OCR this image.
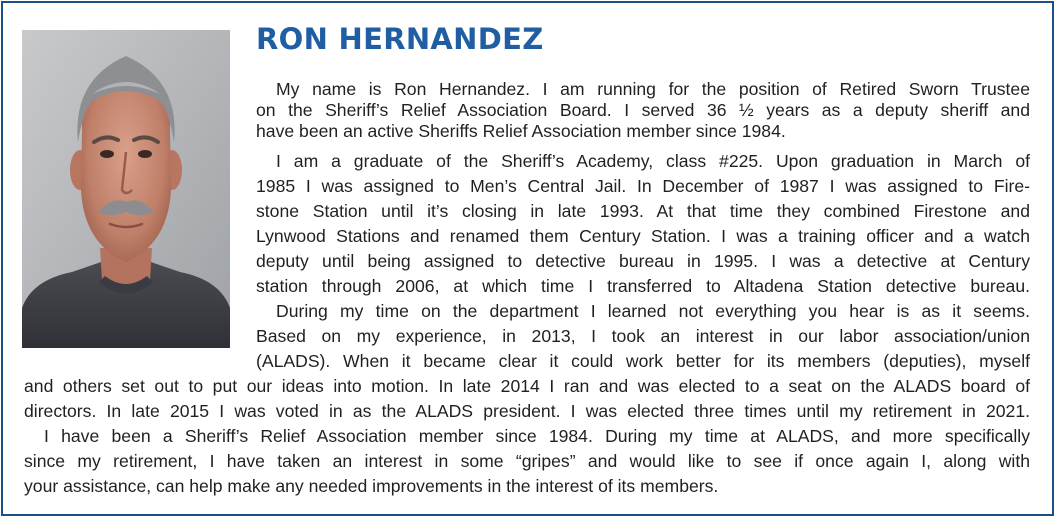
RON HERNANDEZ
My name is Ron Hernandez. I am running for the position of Retired Sworn Trustee
on the Sheriff’s Relief Association Board. I served 36 ½ years as a deputy sheriff and
have been an active Sheriffs Relief Association member since 1984.
I am a graduate of the Sheriff’s Academy, class #225. Upon graduation in March of
1985 I was assigned to Men’s Central Jail. In December of 1987 I was assigned to Fire-
stone Station until it’s closing in late 1993. At that time they combined Firestone and
Lynwood Stations and renamed them Century Station. I was a training officer and a watch
deputy until being assigned to detective bureau in 1995. I was a detective at Century
station through 2006, at which time I transferred to Altadena Station detective bureau.
During my time on the department I learned not everything you hear is as it seems.
Based on my experience, in 2013, I took an interest in our labor association/union
(ALADS). When it became clear it could work better for its members (deputies), myself
and others set out to put our ideas into motion. In late 2014 I ran and was elected to a seat on the ALADS board of
directors. In late 2015 I was voted in as the ALADS president. I was elected three times until my retirement in 2021.
I have been a Sheriff’s Relief Association member since 1984. During my time at ALADS, and more specifically
since my retirement, I have taken an interest in some “gripes” and would like to see if once again I, along with
your assistance, can help make any needed improvements in the interest of its members.
